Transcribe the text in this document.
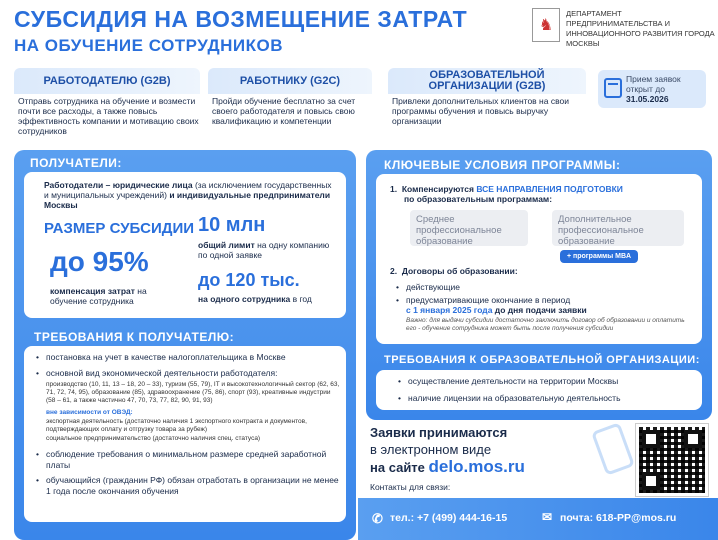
СУБСИДИЯ НА ВОЗМЕЩЕНИЕ ЗАТРАТ
НА ОБУЧЕНИЕ СОТРУДНИКОВ
♞
ДЕПАРТАМЕНТ ПРЕДПРИНИМАТЕЛЬСТВА И ИННОВАЦИОННОГО РАЗВИТИЯ ГОРОДА МОСКВЫ
РАБОТОДАТЕЛЮ (G2B)
Отправь сотрудника на обучение и возмести почти все расходы, а также повысь эффективность компании и мотивацию своих сотрудников
РАБОТНИКУ (G2C)
Пройди обучение бесплатно за счет своего работодателя и повысь свою квалификацию и компетенции
ОБРАЗОВАТЕЛЬНОЙ ОРГАНИЗАЦИИ (G2B)
Привлеки дополнительных клиентов на свои программы обучения и повысь выручку организации
Прием заявок открыт до
31.05.2026
ПОЛУЧАТЕЛИ:
Работодатели – юридические лица (за исключением государственных и муниципальных учреждений) и индивидуальные предприниматели Москвы
РАЗМЕР СУБСИДИИ 10 млн
общий лимит на одну компанию по одной заявке
до 95%
компенсация затрат на обучение сотрудника
до 120 тыс.
на одного сотрудника в год
ТРЕБОВАНИЯ К ПОЛУЧАТЕЛЮ:
• постановка на учет в качестве налогоплательщика в Москве
• основной вид экономической деятельности работодателя:
производство (10, 11, 13 – 18, 20 – 33), туризм (55, 79), IT и высокотехнологичный сектор (62, 63, 71, 72, 74, 95), образование (85), здравоохранение (75, 86), спорт (93), креативные индустрии (58 – 61, а также частично 47, 70, 73, 77, 82, 90, 91, 93)
вне зависимости от ОВЭД:
экспортная деятельность (достаточно наличия 1 экспортного контракта и документов, подтверждающих оплату и отгрузку товара за рубеж)
социальное предпринимательство (достаточно наличия спец. статуса)
• соблюдение требования о минимальном размере средней заработной платы
• обучающийся (гражданин РФ) обязан отработать в организации не менее 1 года после окончания обучения
КЛЮЧЕВЫЕ УСЛОВИЯ ПРОГРАММЫ:
1. Компенсируются ВСЕ НАПРАВЛЕНИЯ ПОДГОТОВКИ
по образовательным программам:
Среднее профессиональное образование
Дополнительное профессиональное образование
+ программы MBA
2. Договоры об образовании:
• действующие
• предусматривающие окончание в период
с 1 января 2025 года до дня подачи заявки
Важно: для выдачи субсидии достаточно заключить договор об образовании и оплатить его - обучение сотрудника может быть после получения субсидии
ТРЕБОВАНИЯ К ОБРАЗОВАТЕЛЬНОЙ ОРГАНИЗАЦИИ:
• осуществление деятельности на территории Москвы
• наличие лицензии на образовательную деятельность
Заявки принимаются
в электронном виде
на сайте delo.mos.ru
Контакты для связи:
✆ тел.: +7 (499) 444-16-15	✉ почта: 618-PP@mos.ru
